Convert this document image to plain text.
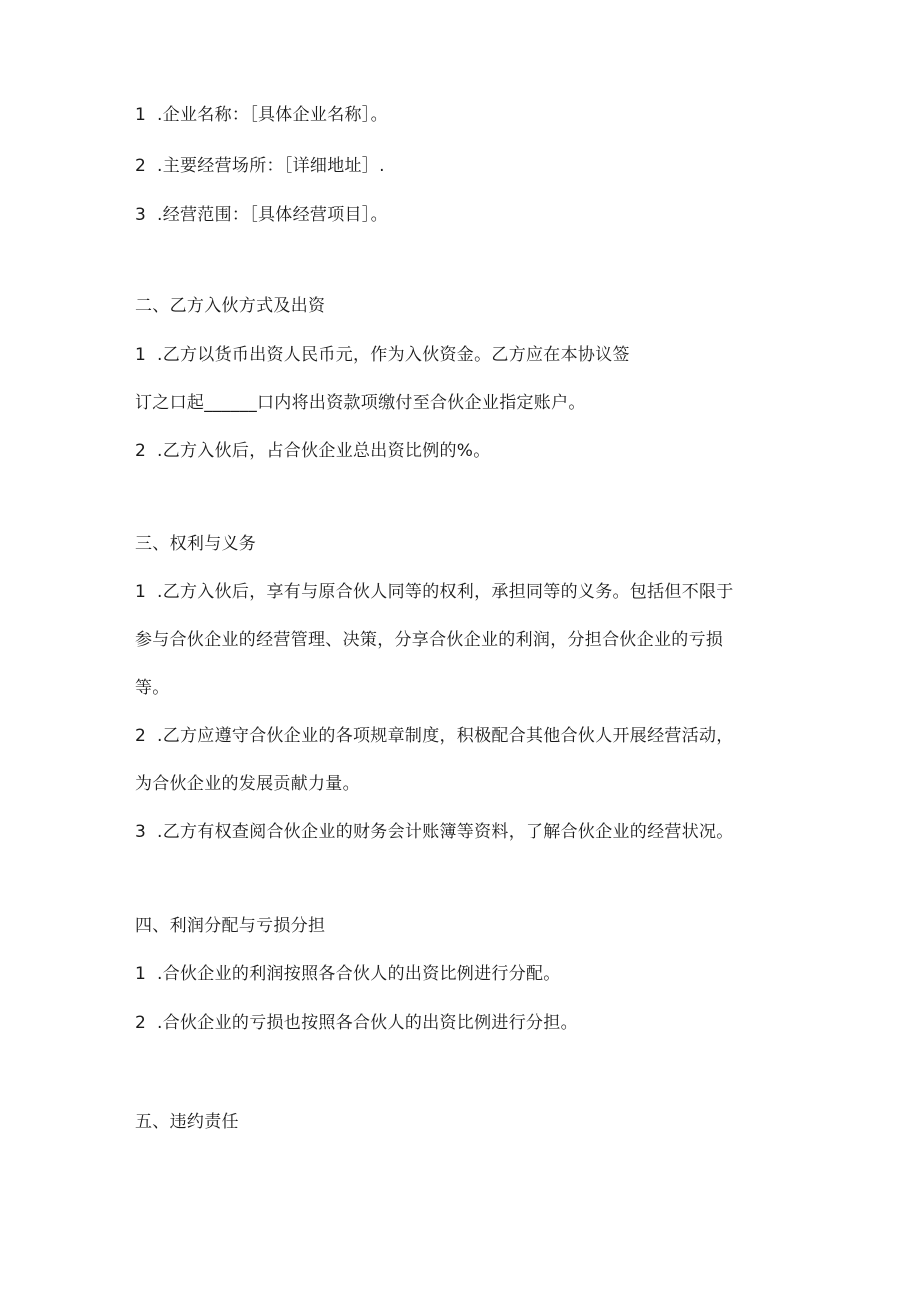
1 .企业名称：［具体企业名称］。
2 .主要经营场所：［详细地址］.
3 .经营范围：［具体经营项目］。
二、乙方入伙方式及出资
1 .乙方以货币出资人民币元，作为入伙资金。乙方应在本协议签
订之口起______口内将出资款项缴付至合伙企业指定账户。
2 .乙方入伙后，占合伙企业总出资比例的%。
三、权利与义务
1 .乙方入伙后，享有与原合伙人同等的权利，承担同等的义务。包括但不限于
参与合伙企业的经营管理、决策，分享合伙企业的利润，分担合伙企业的亏损
等。
2 .乙方应遵守合伙企业的各项规章制度，积极配合其他合伙人开展经营活动，
为合伙企业的发展贡献力量。
3 .乙方有权查阅合伙企业的财务会计账簿等资料，了解合伙企业的经营状况。
四、利润分配与亏损分担
1 .合伙企业的利润按照各合伙人的出资比例进行分配。
2 .合伙企业的亏损也按照各合伙人的出资比例进行分担。
五、违约责任
